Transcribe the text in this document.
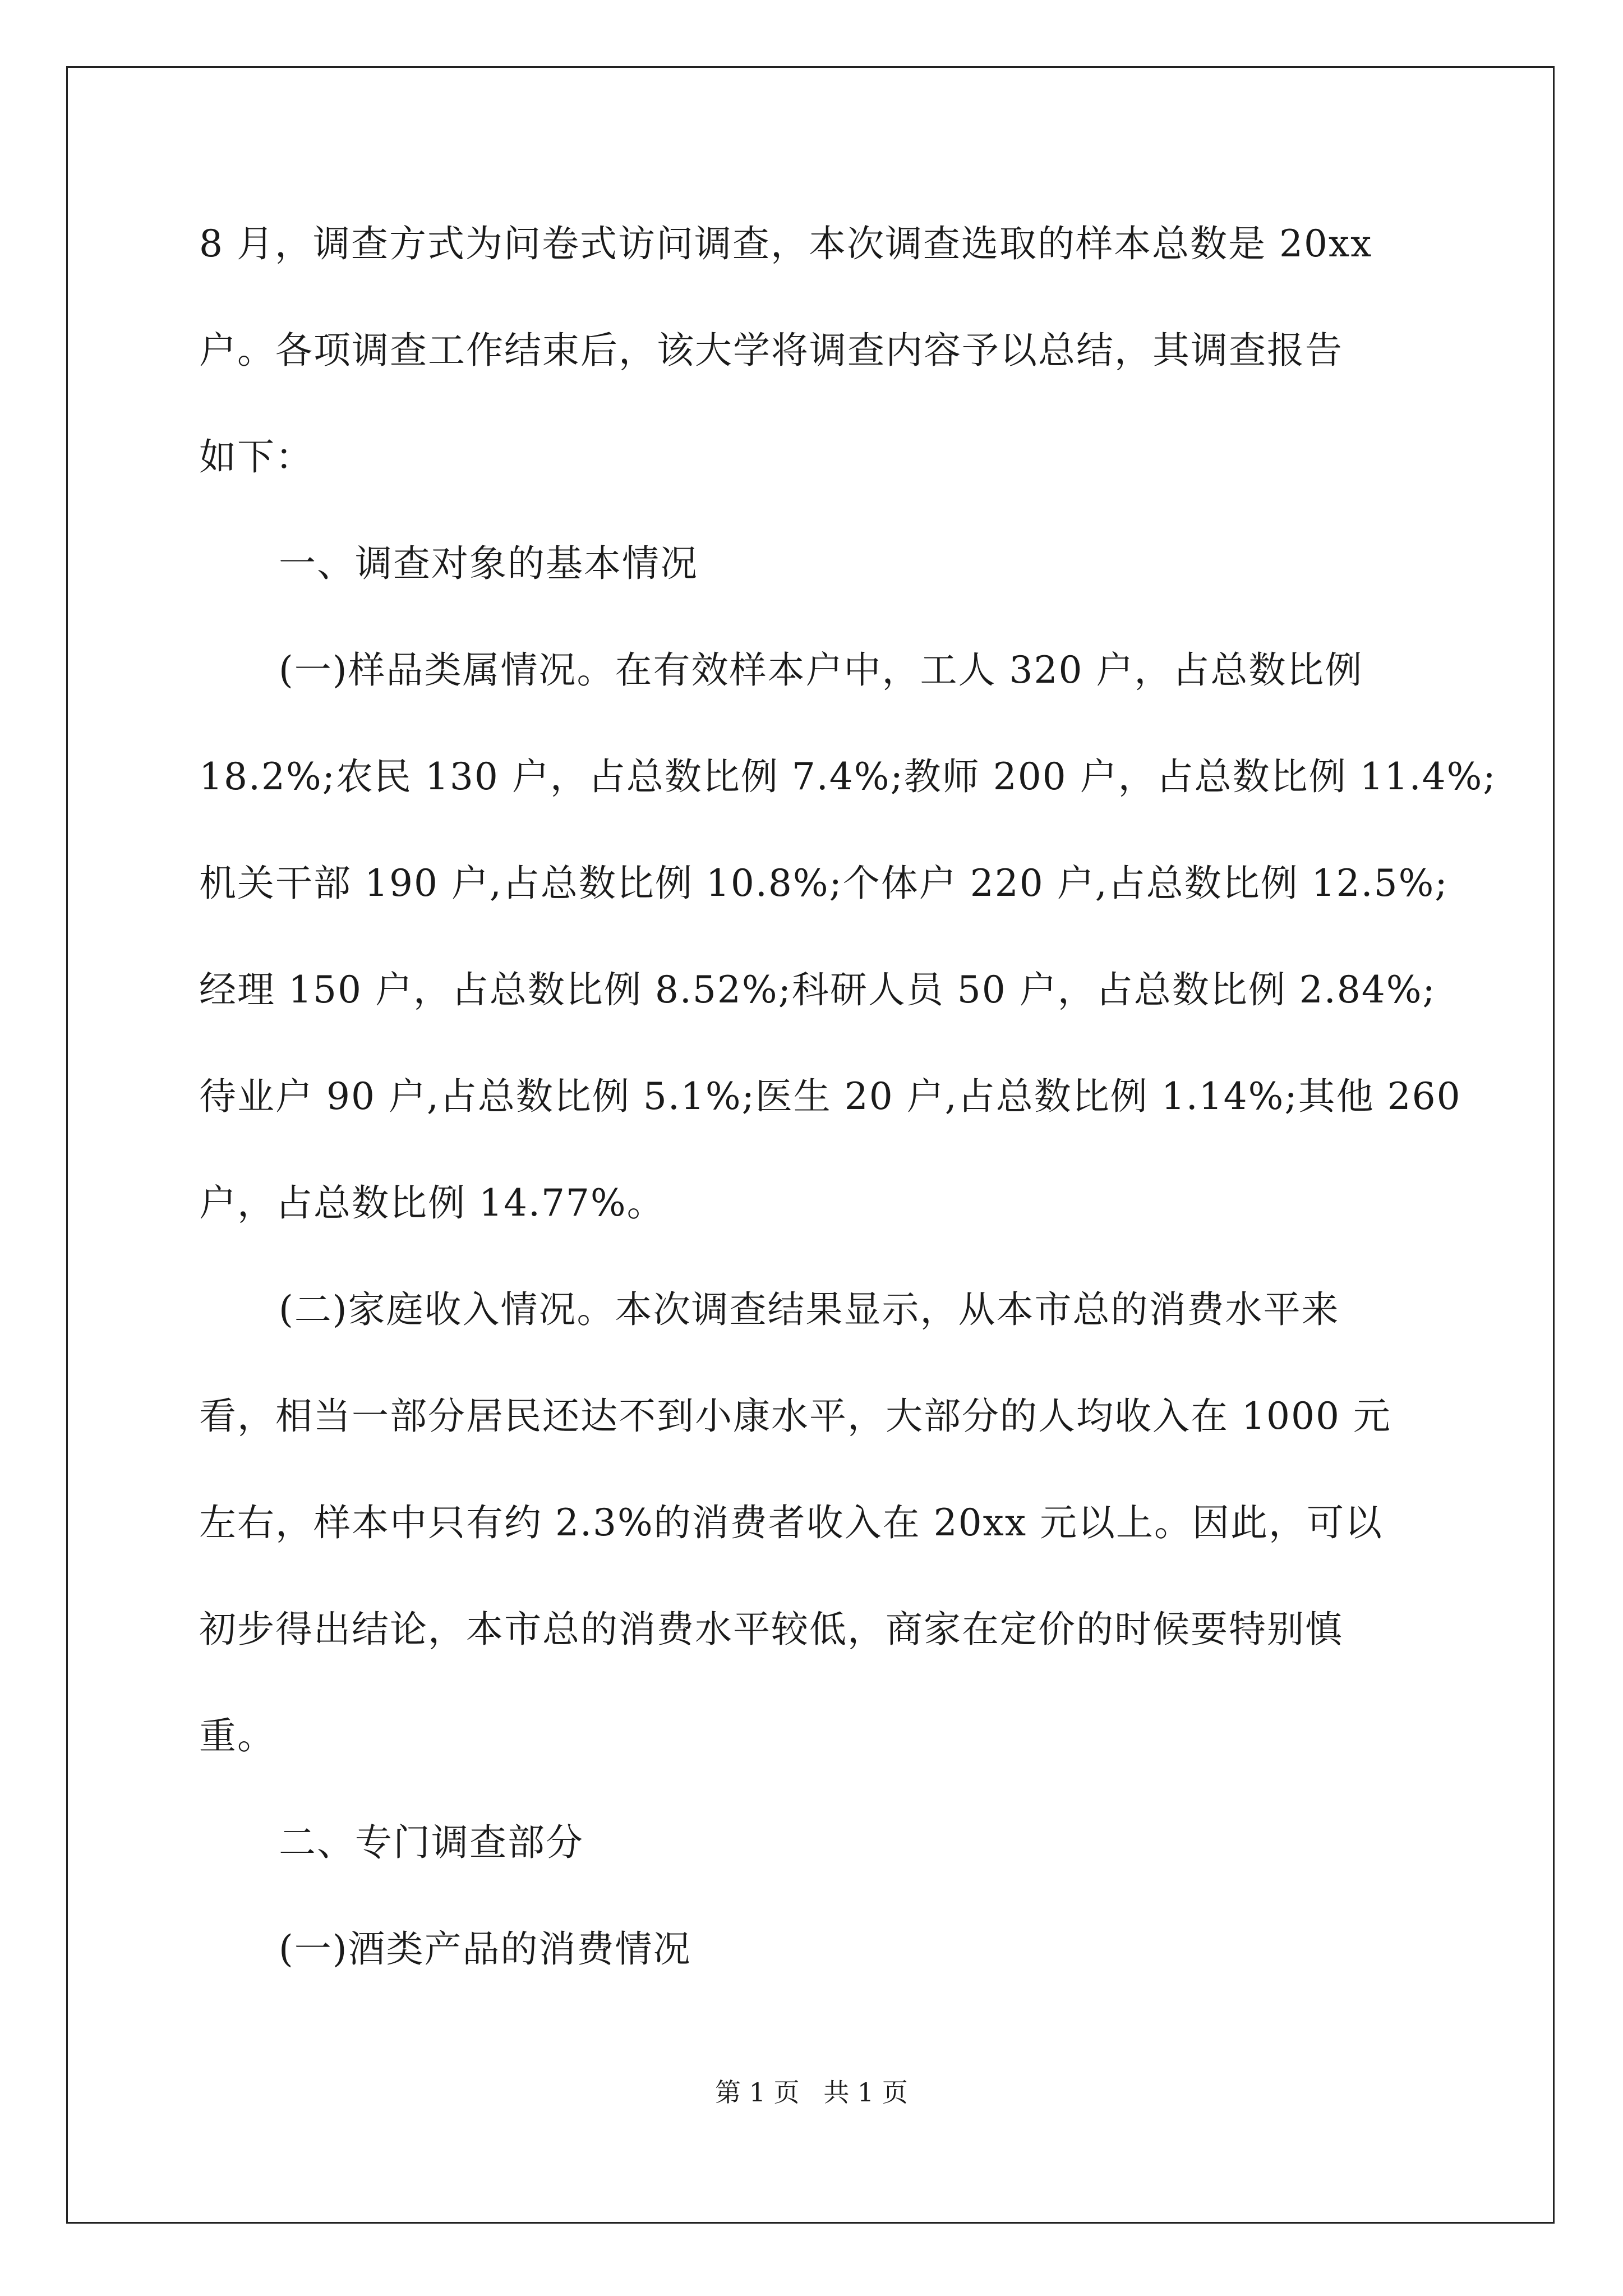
8 月，调查方式为问卷式访问调查，本次调查选取的样本总数是 20xx
户。各项调查工作结束后，该大学将调查内容予以总结，其调查报告
如下：
一、调查对象的基本情况
(一)样品类属情况。在有效样本户中，工人 320 户，占总数比例
18.2%;农民 130 户，占总数比例 7.4%;教师 200 户，占总数比例 11.4%;
机关干部 190 户,占总数比例 10.8%;个体户 220 户,占总数比例 12.5%;
经理 150 户，占总数比例 8.52%;科研人员 50 户，占总数比例 2.84%;
待业户 90 户,占总数比例 5.1%;医生 20 户,占总数比例 1.14%;其他 260
户，占总数比例 14.77%。
(二)家庭收入情况。本次调查结果显示，从本市总的消费水平来
看，相当一部分居民还达不到小康水平，大部分的人均收入在 1000 元
左右，样本中只有约 2.3%的消费者收入在 20xx 元以上。因此，可以
初步得出结论，本市总的消费水平较低，商家在定价的时候要特别慎
重。
二、专门调查部分
(一)酒类产品的消费情况
第 1 页 共 1 页
